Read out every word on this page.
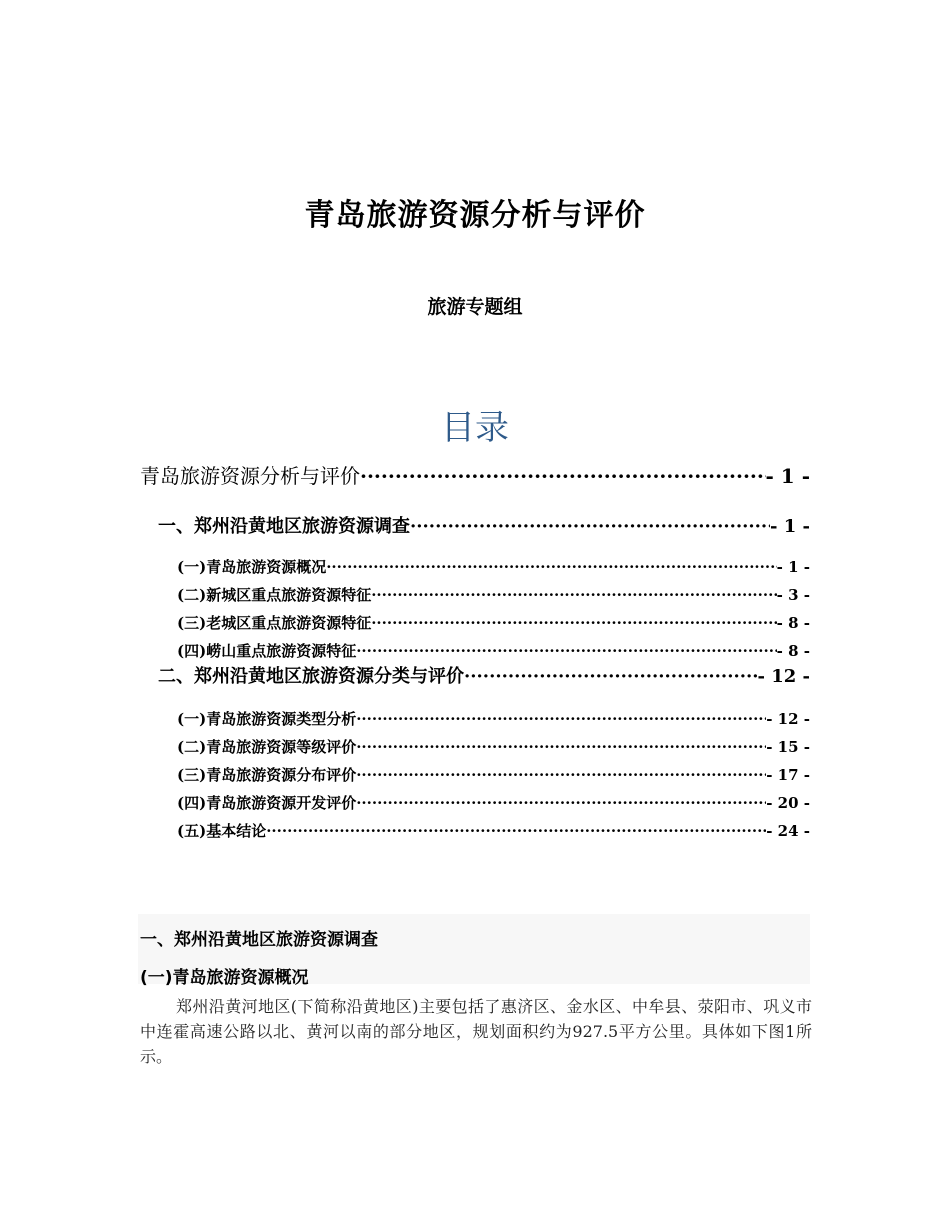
青岛旅游资源分析与评价
旅游专题组
目录
青岛旅游资源分析与评价 ·····	- 1 -
一、郑州沿黄地区旅游资源调查 ·····	- 1 -
(一)青岛旅游资源概况 ·····	- 1 -
(二)新城区重点旅游资源特征 ·····	- 3 -
(三)老城区重点旅游资源特征 ·····	- 8 -
(四)崂山重点旅游资源特征 ·····	- 8 -
二、郑州沿黄地区旅游资源分类与评价 ·····	- 12 -
(一)青岛旅游资源类型分析 ·····	- 12 -
(二)青岛旅游资源等级评价 ·····	- 15 -
(三)青岛旅游资源分布评价 ·····	- 17 -
(四)青岛旅游资源开发评价 ·····	- 20 -
(五)基本结论 ·····	- 24 -
一、郑州沿黄地区旅游资源调查
(一)青岛旅游资源概况
郑州沿黄河地区(下简称沿黄地区)主要包括了惠济区、金水区、中牟县、荥阳市、巩义市中连霍高速公路以北、黄河以南的部分地区，规划面积约为927.5平方公里。具体如下图1所示。
